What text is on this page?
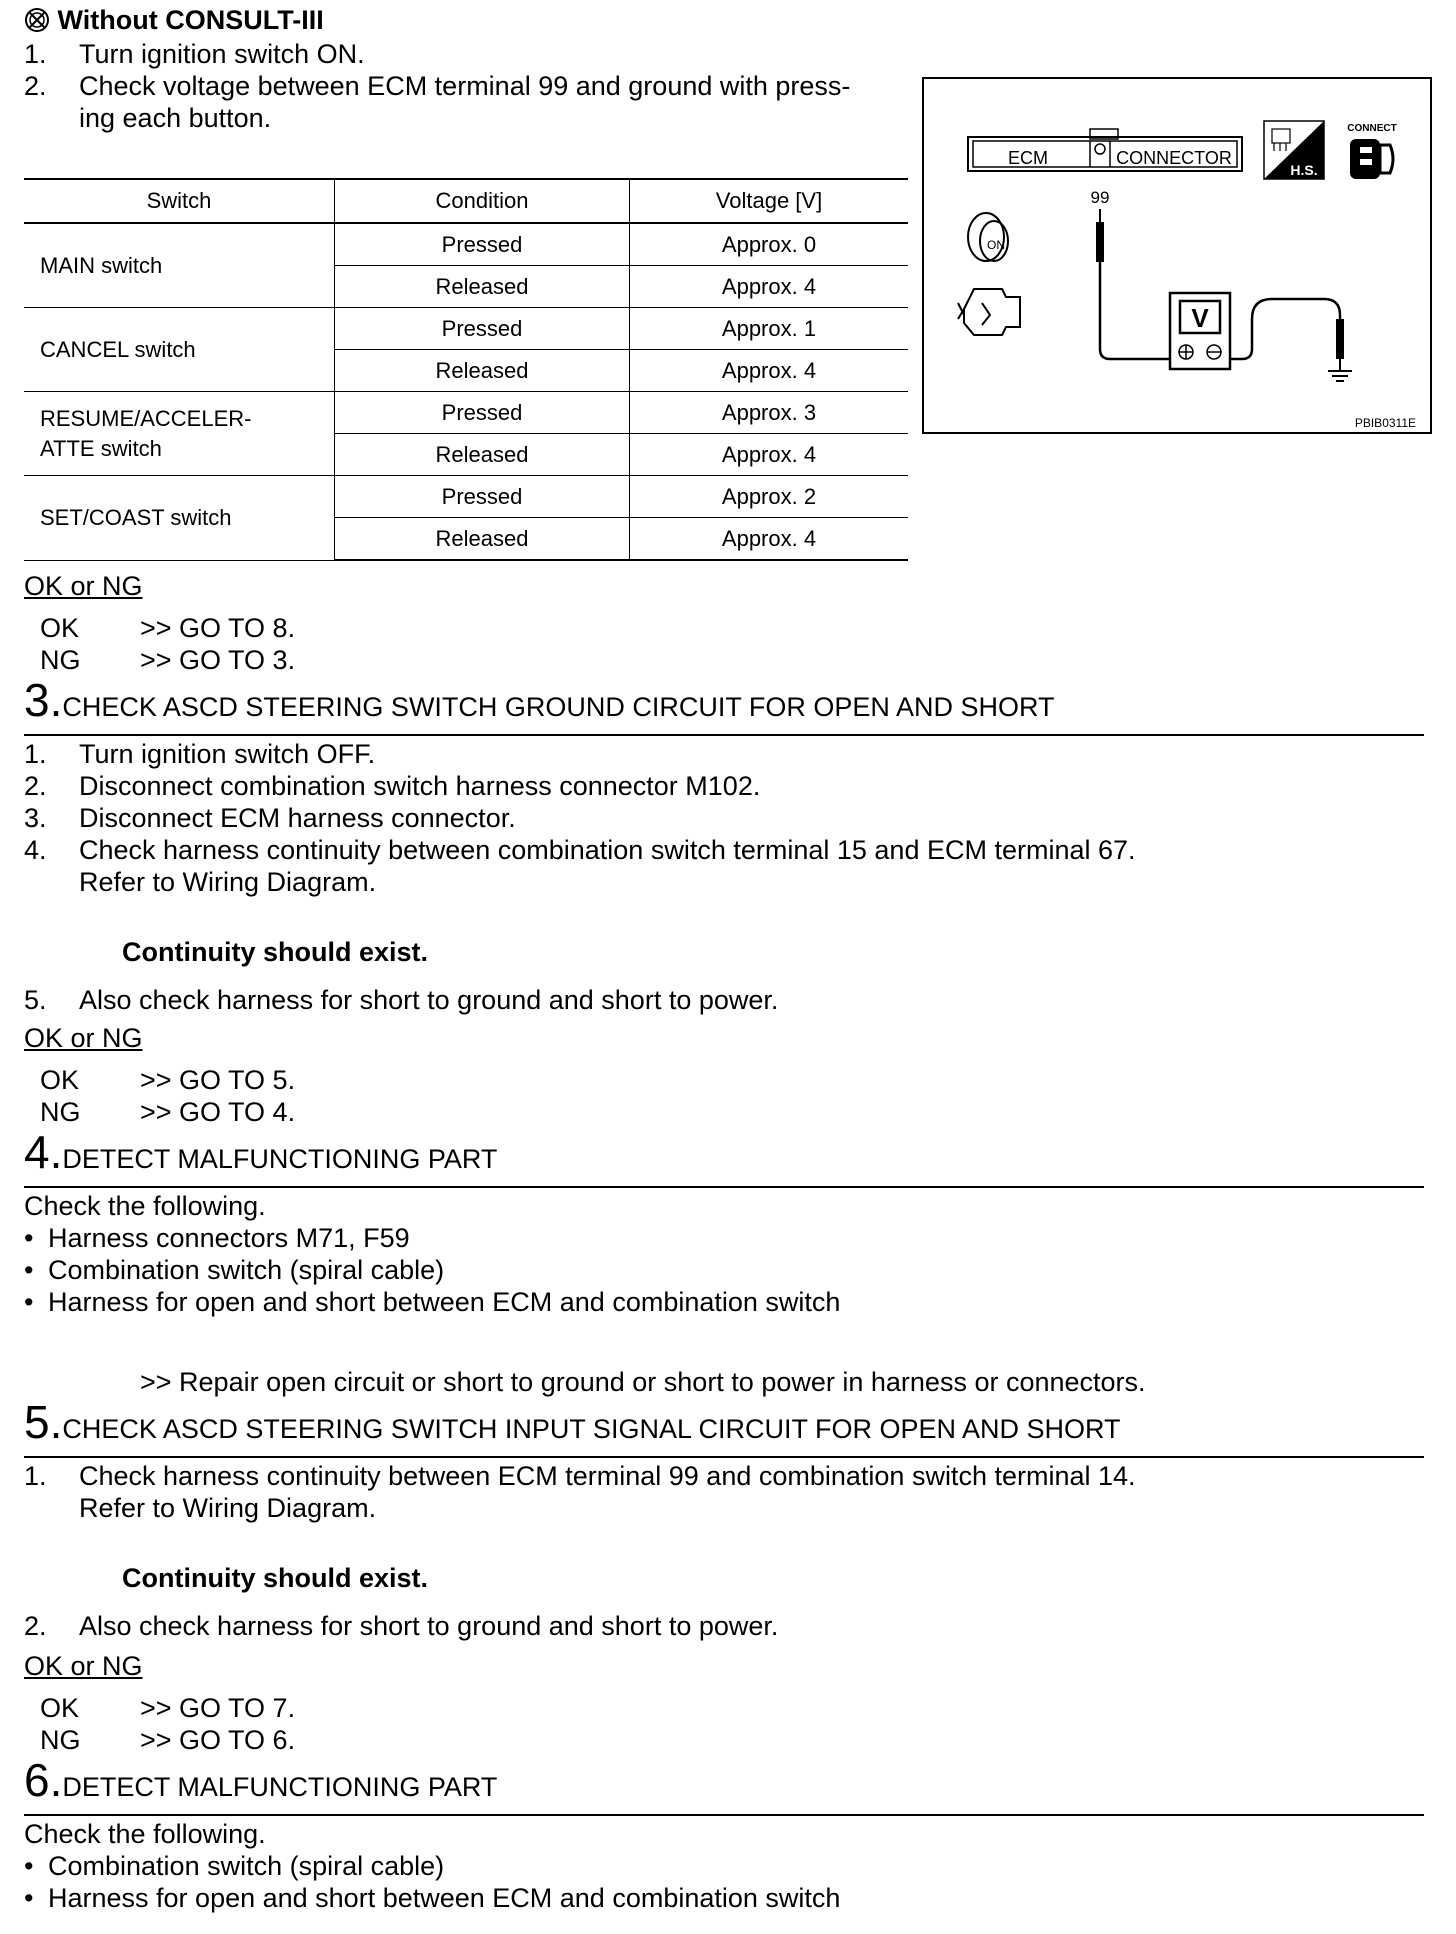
Without CONSULT-III
1. Turn ignition switch ON.
2. Check voltage between ECM terminal 99 and ground with press-
ing each button.
Switch	Condition	Voltage [V]
MAIN switch	Pressed	Approx. 0
	Released	Approx. 4
CANCEL switch	Pressed	Approx. 1
	Released	Approx. 4
RESUME/ACCELER-
ATTE switch	Pressed	Approx. 3
	Released	Approx. 4
SET/COAST switch	Pressed	Approx. 2
	Released	Approx. 4
ECM	CONNECTOR
99
H.S.
CONNECT
ON
V
PBIB0311E
OK or NG
OK >> GO TO 8.
NG >> GO TO 3.
3.CHECK ASCD STEERING SWITCH GROUND CIRCUIT FOR OPEN AND SHORT
1. Turn ignition switch OFF.
2. Disconnect combination switch harness connector M102.
3. Disconnect ECM harness connector.
4. Check harness continuity between combination switch terminal 15 and ECM terminal 67.
Refer to Wiring Diagram.
Continuity should exist.
5. Also check harness for short to ground and short to power.
OK or NG
OK >> GO TO 5.
NG >> GO TO 4.
4.DETECT MALFUNCTIONING PART
Check the following.
• Harness connectors M71, F59
• Combination switch (spiral cable)
• Harness for open and short between ECM and combination switch
>> Repair open circuit or short to ground or short to power in harness or connectors.
5.CHECK ASCD STEERING SWITCH INPUT SIGNAL CIRCUIT FOR OPEN AND SHORT
1. Check harness continuity between ECM terminal 99 and combination switch terminal 14.
Refer to Wiring Diagram.
Continuity should exist.
2. Also check harness for short to ground and short to power.
OK or NG
OK >> GO TO 7.
NG >> GO TO 6.
6.DETECT MALFUNCTIONING PART
Check the following.
• Combination switch (spiral cable)
• Harness for open and short between ECM and combination switch
